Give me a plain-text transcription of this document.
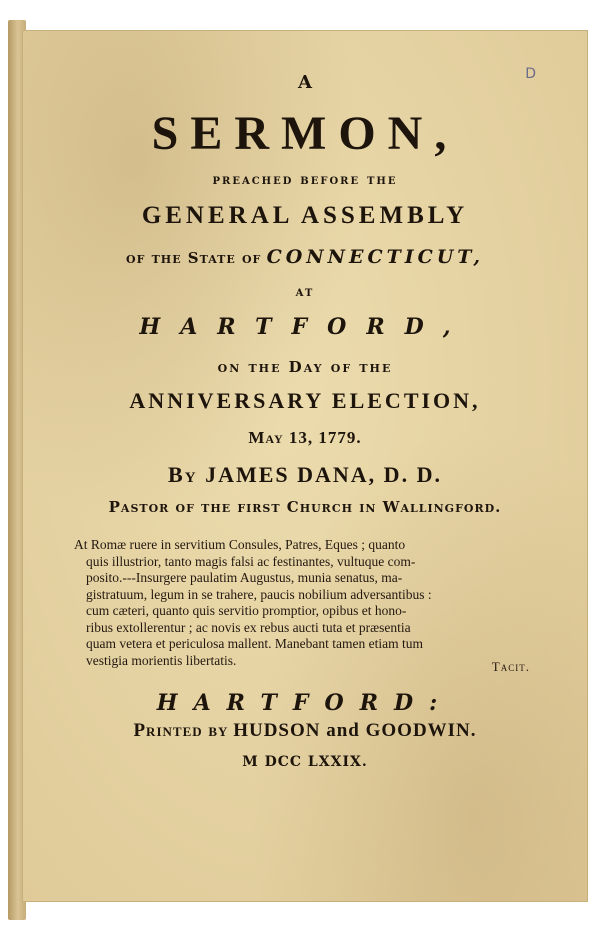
D
A
SERMON,
preached before the
GENERAL ASSEMBLY
of the State of CONNECTICUT,
at
HARTFORD,
on the Day of the
ANNIVERSARY ELECTION,
May 13, 1779.
By JAMES DANA, D. D.
Pastor of the first Church in Wallingford.

At Romæ ruere in servitium Consules, Patres, Eques ; quanto

quis illustrior, tanto magis falsi ac festinantes, vultuque com-

posito.---Insurgere paulatim Augustus, munia senatus, ma-

gistratuum, legum in se trahere, paucis nobilium adversantibus :

cum cæteri, quanto quis servitio promptior, opibus et hono-

ribus extollerentur ; ac novis ex rebus aucti tuta et præsentia

quam vetera et periculosa mallent. Manebant tamen etiam tum

vestigia morientis libertatis.	Tacit.
HARTFORD:
Printed by HUDSON and GOODWIN.
M DCC LXXIX.
